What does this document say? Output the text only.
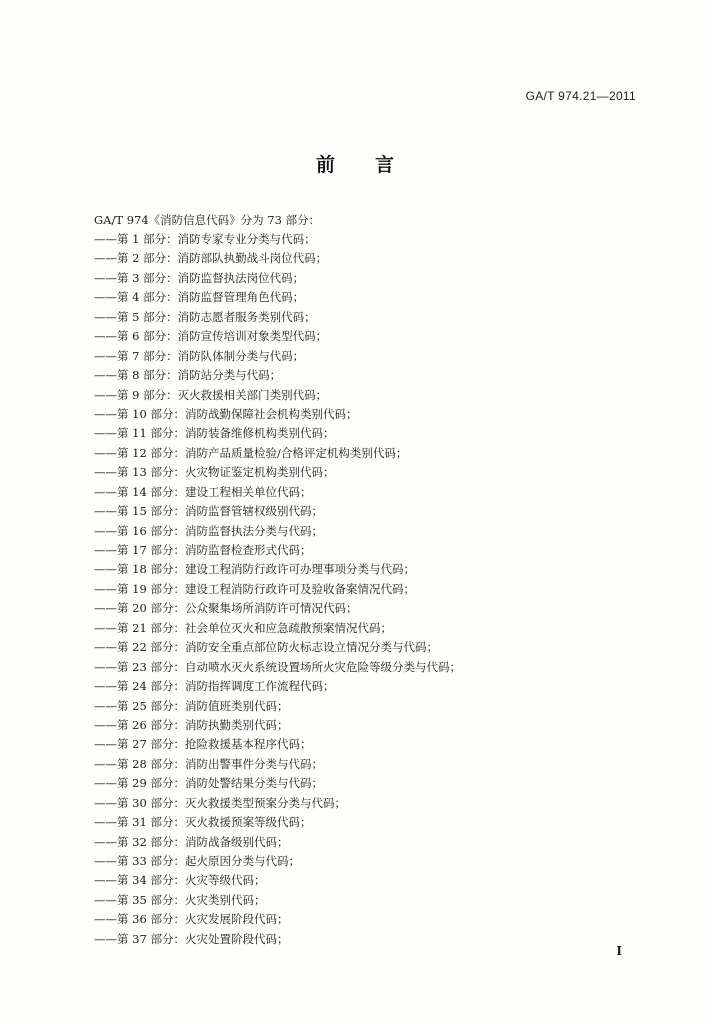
GA/T 974.21—2011
前言
GA/T 974《消防信息代码》分为 73 部分：
——第 1 部分：消防专家专业分类与代码；
——第 2 部分：消防部队执勤战斗岗位代码；
——第 3 部分：消防监督执法岗位代码；
——第 4 部分：消防监督管理角色代码；
——第 5 部分：消防志愿者服务类别代码；
——第 6 部分：消防宣传培训对象类型代码；
——第 7 部分：消防队体制分类与代码；
——第 8 部分：消防站分类与代码；
——第 9 部分：灭火救援相关部门类别代码；
——第 10 部分：消防战勤保障社会机构类别代码；
——第 11 部分：消防装备维修机构类别代码；
——第 12 部分：消防产品质量检验/合格评定机构类别代码；
——第 13 部分：火灾物证鉴定机构类别代码；
——第 14 部分：建设工程相关单位代码；
——第 15 部分：消防监督管辖权级别代码；
——第 16 部分：消防监督执法分类与代码；
——第 17 部分：消防监督检查形式代码；
——第 18 部分：建设工程消防行政许可办理事项分类与代码；
——第 19 部分：建设工程消防行政许可及验收备案情况代码；
——第 20 部分：公众聚集场所消防许可情况代码；
——第 21 部分：社会单位灭火和应急疏散预案情况代码；
——第 22 部分：消防安全重点部位防火标志设立情况分类与代码；
——第 23 部分：自动喷水灭火系统设置场所火灾危险等级分类与代码；
——第 24 部分：消防指挥调度工作流程代码；
——第 25 部分：消防值班类别代码；
——第 26 部分：消防执勤类别代码；
——第 27 部分：抢险救援基本程序代码；
——第 28 部分：消防出警事件分类与代码；
——第 29 部分：消防处警结果分类与代码；
——第 30 部分：灭火救援类型预案分类与代码；
——第 31 部分：灭火救援预案等级代码；
——第 32 部分：消防战备级别代码；
——第 33 部分：起火原因分类与代码；
——第 34 部分：火灾等级代码；
——第 35 部分：火灾类别代码；
——第 36 部分：火灾发展阶段代码；
——第 37 部分：火灾处置阶段代码；
I
